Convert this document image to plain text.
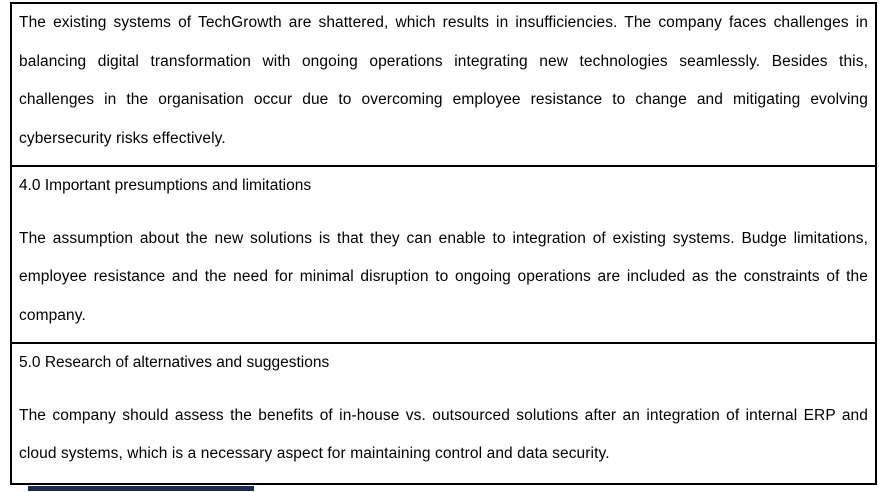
The existing systems of TechGrowth are shattered, which results in insufficiencies. The company faces challenges in balancing digital transformation with ongoing operations integrating new technologies seamlessly. Besides this, challenges in the organisation occur due to overcoming employee resistance to change and mitigating evolving cybersecurity risks effectively.

4.0 Important presumptions and limitations

The assumption about the new solutions is that they can enable to integration of existing systems. Budge limitations, employee resistance and the need for minimal disruption to ongoing operations are included as the constraints of the company.

5.0 Research of alternatives and suggestions

The company should assess the benefits of in-house vs. outsourced solutions after an integration of internal ERP and cloud systems, which is a necessary aspect for maintaining control and data security.
